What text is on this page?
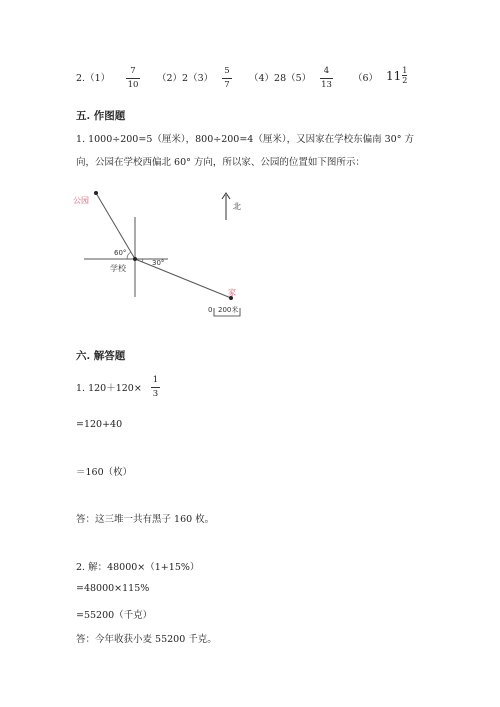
2.（1）
7
10
（2）2（3）
5
7
（4）28（5）
4
13
（6） $11\frac{1}{2}$
五. 作图题
1. 1000÷200=5（厘米），800÷200=4（厘米），又因家在学校东偏南 30° 方
向，公园在学校西偏北 60° 方向，所以家、公园的位置如下图所示：
公园
60°
30°
学校
家
北
0 200米
六. 解答题
1. 120＋120×
1
3
=120+40
＝160（枚）
答：这三堆一共有黑子 160 枚。
2. 解：48000×（1+15%）
=48000×115%
=55200（千克）
答：今年收获小麦 55200 千克。
